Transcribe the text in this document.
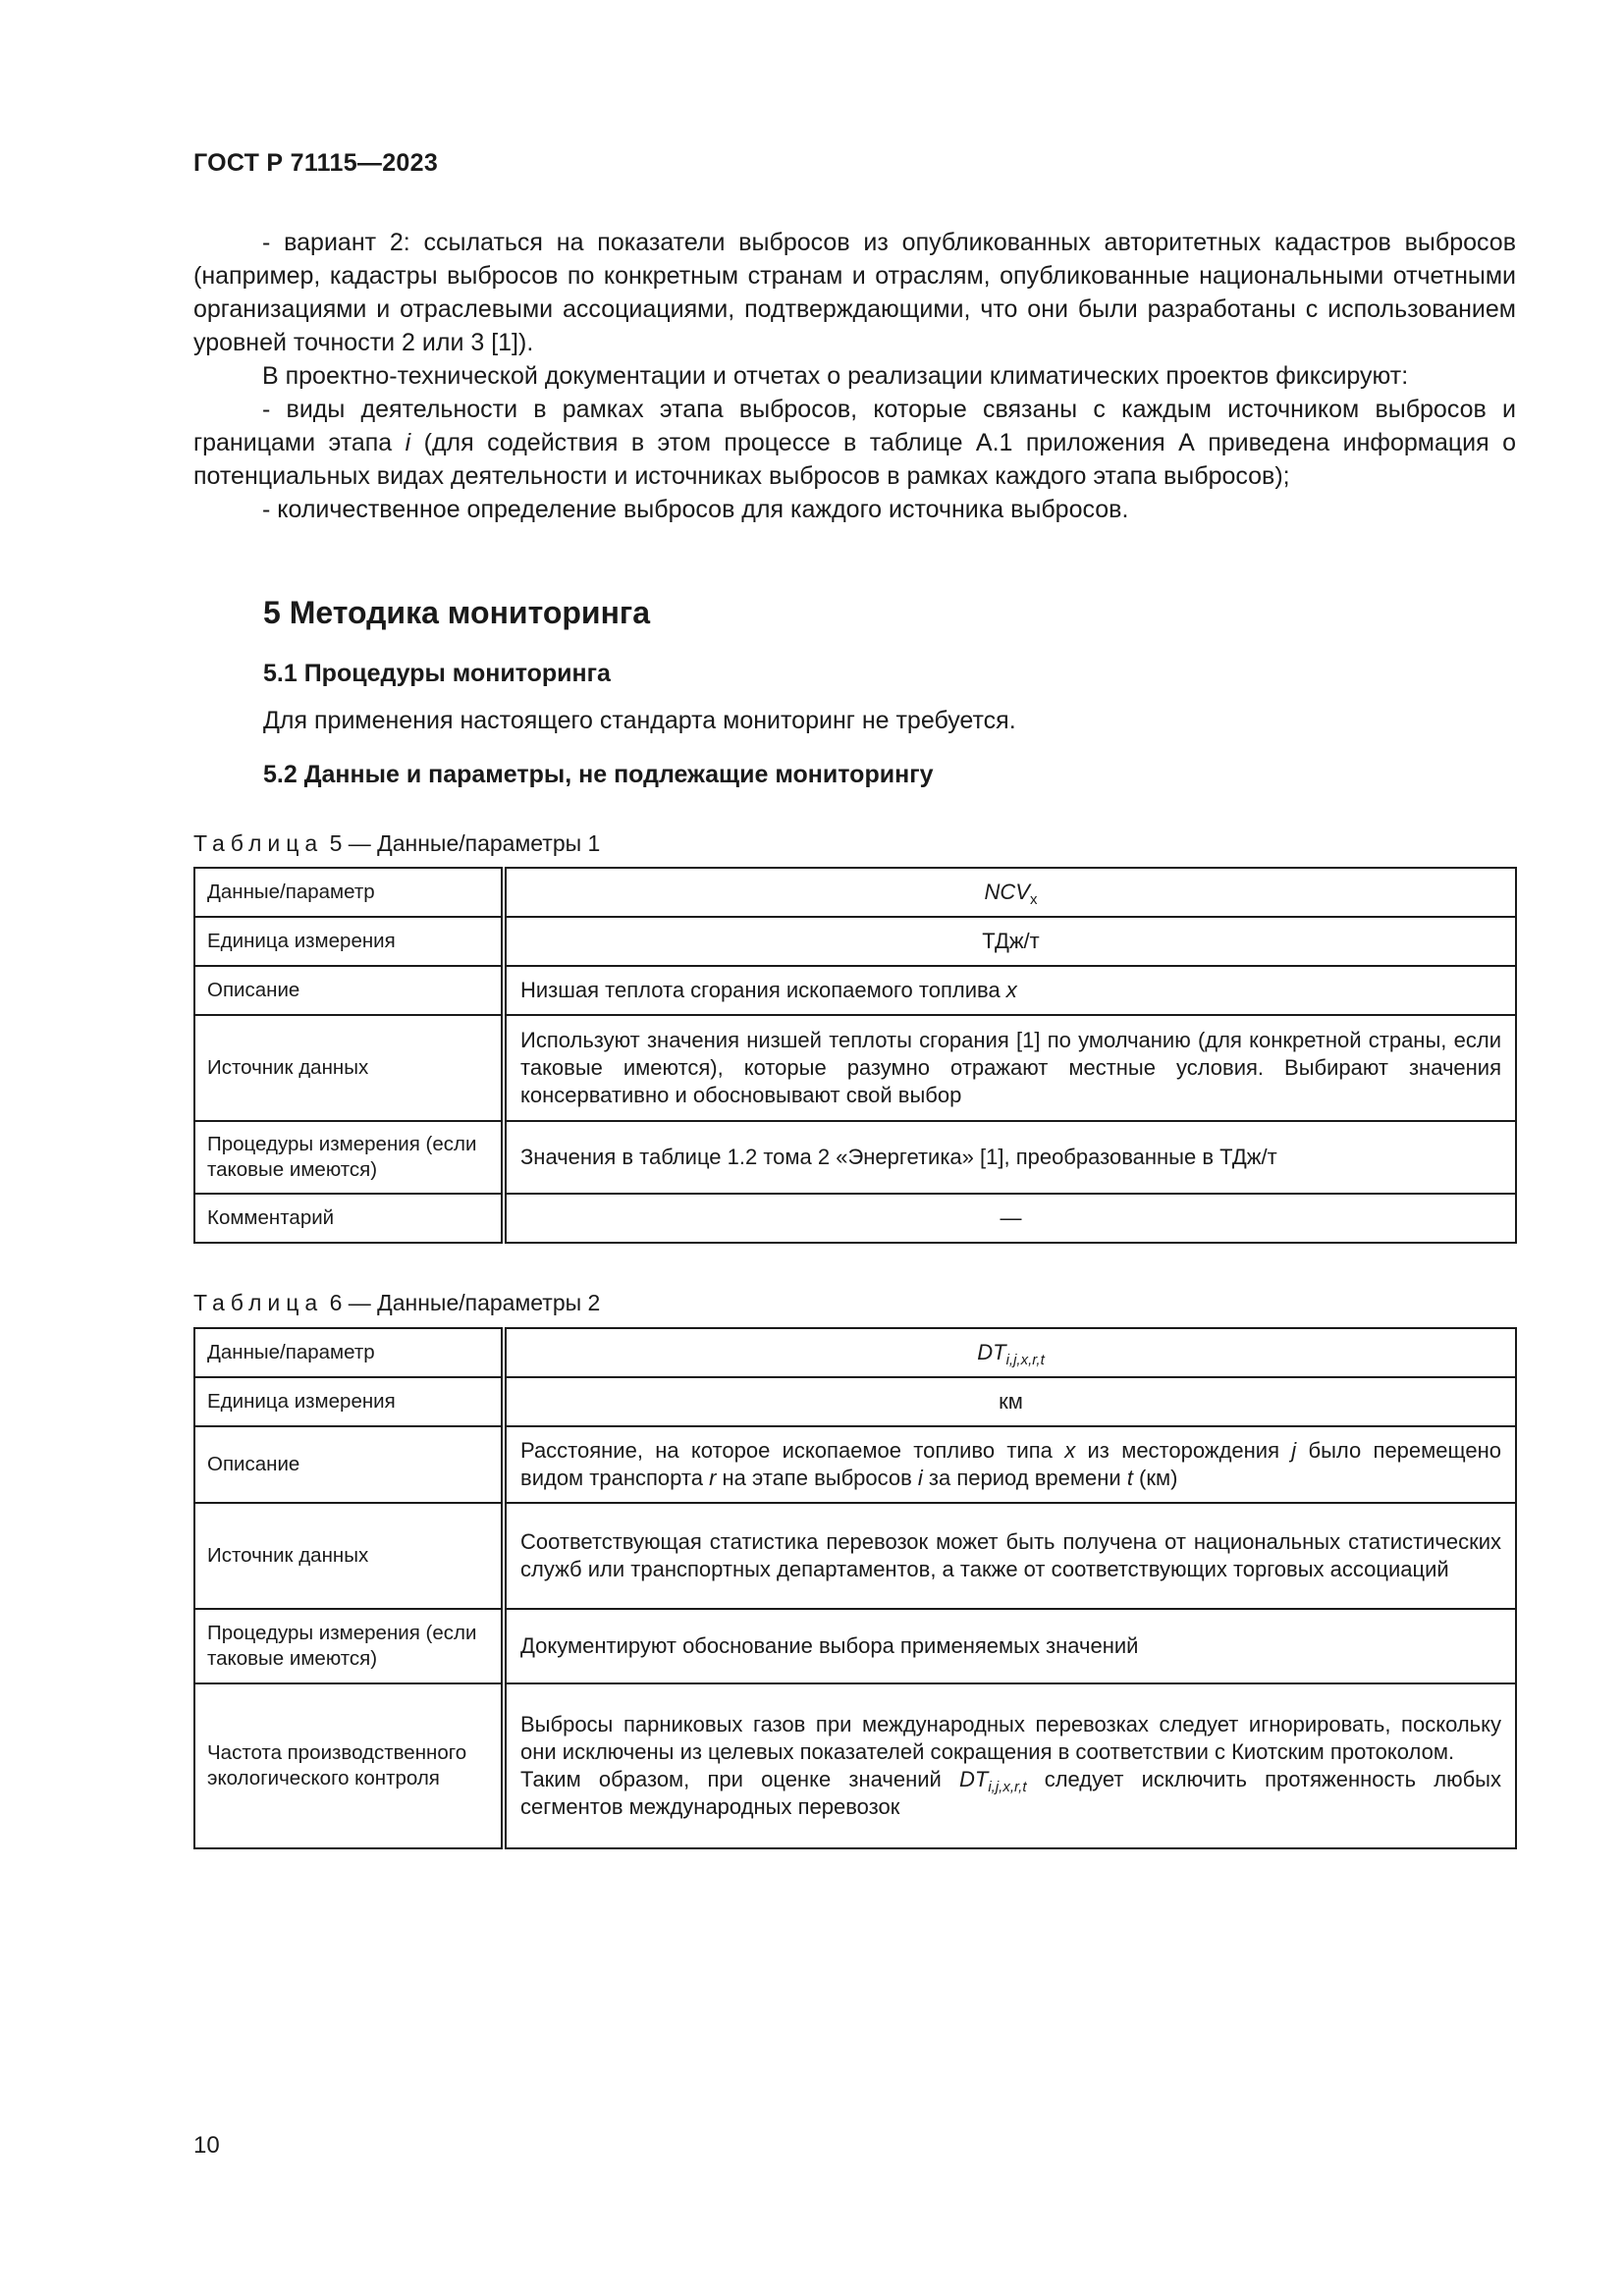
ГОСТ Р 71115—2023

- вариант 2: ссылаться на показатели выбросов из опубликованных авторитетных кадастров выбросов (например, кадастры выбросов по конкретным странам и отраслям, опубликованные национальными отчетными организациями и отраслевыми ассоциациями, подтверждающими, что они были разработаны с использованием уровней точности 2 или 3 [1]).

В проектно-технической документации и отчетах о реализации климатических проектов фиксируют:

- виды деятельности в рамках этапа выбросов, которые связаны с каждым источником выбросов и границами этапа i (для содействия в этом процессе в таблице А.1 приложения А приведена информация о потенциальных видах деятельности и источниках выбросов в рамках каждого этапа выбросов);

- количественное определение выбросов для каждого источника выбросов.

5 Методика мониторинга
5.1 Процедуры мониторинга
Для применения настоящего стандарта мониторинг не требуется.
5.2 Данные и параметры, не подлежащие мониторингу
Таблица 5 — Данные/параметры 1
Данные/параметр	$NCV_x$
Единица измерения	ТДж/т
Описание	Низшая теплота сгорания ископаемого топлива x
Источник данных	Используют значения низшей теплоты сгорания [1] по умолчанию (для конкретной страны, если таковые имеются), которые разумно отражают местные условия. Выбирают значения консервативно и обосновывают свой выбор
Процедуры измерения (если таковые имеются)	Значения в таблице 1.2 тома 2 «Энергетика» [1], преобразованные в ТДж/т
Комментарий	—
Таблица 6 — Данные/параметры 2
Данные/параметр	$DT_{i,j,x,r,t}$
Единица измерения	км
Описание	Расстояние, на которое ископаемое топливо типа x из месторождения j было перемещено видом транспорта r на этапе выбросов i за период времени t (км)
Источник данных	Соответствующая статистика перевозок может быть получена от национальных статистических служб или транспортных департаментов, а также от соответствующих торговых ассоциаций
Процедуры измерения (если таковые имеются)	Документируют обоснование выбора применяемых значений
Частота производственного экологического контроля	Выбросы парниковых газов при международных перевозках следует игнорировать, поскольку они исключены из целевых показателей сокращения в соответствии с Киотским протоколом.
Таким образом, при оценке значений $DT_{i,j,x,r,t}$ следует исключить протяженность любых сегментов международных перевозок
10
